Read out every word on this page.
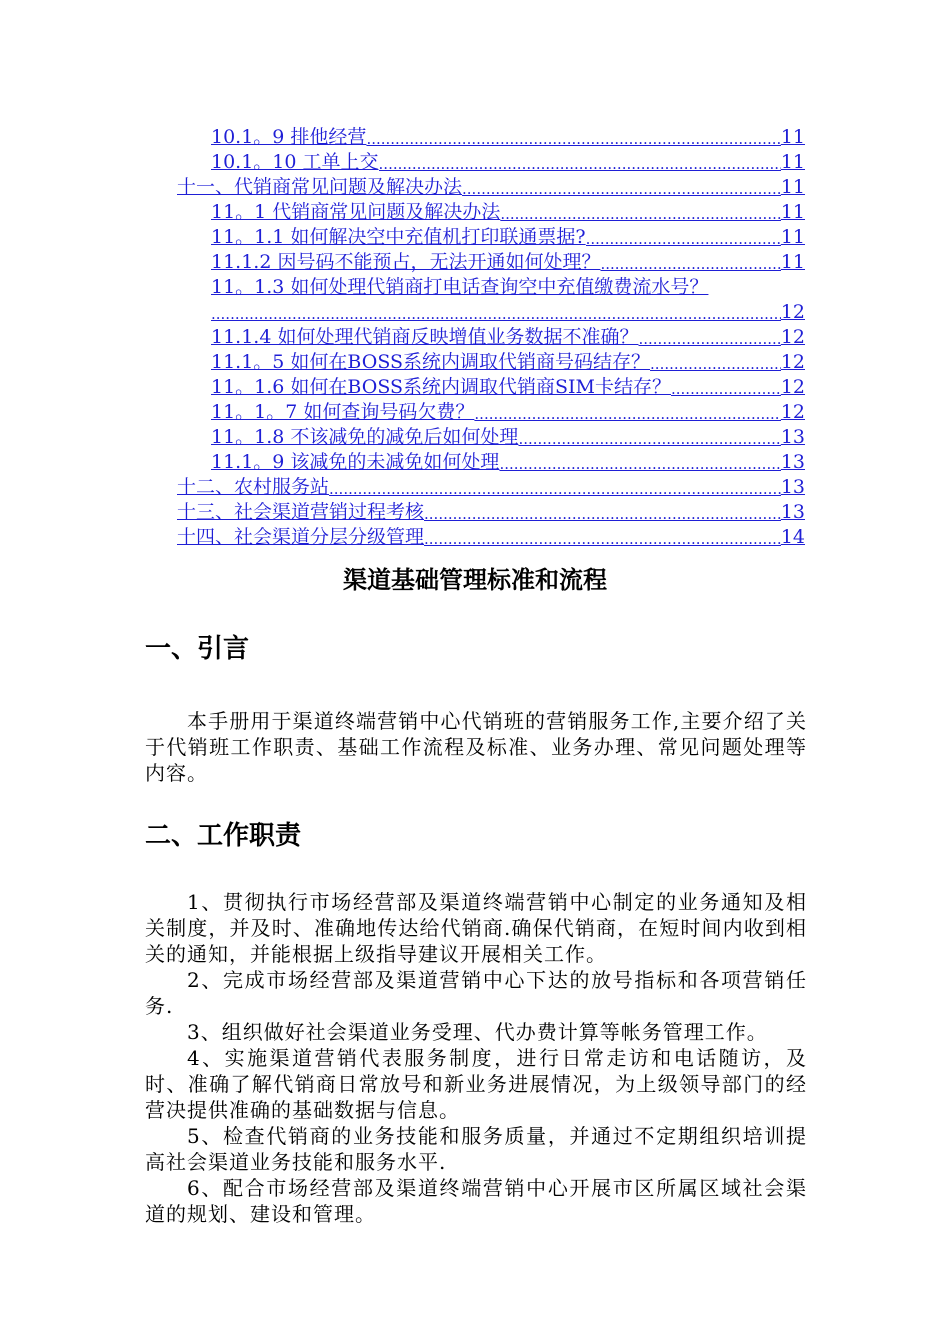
10.1。9 排他经营 .....	11
10.1。10 工单上交 .....	11
十一、代销商常见问题及解决办法 .....	11
11。1 代销商常见问题及解决办法 .....	11
11。1.1 如何解决空中充值机打印联通票据? .....	11
11.1.2 因号码不能预占，无法开通如何处理？ .....	11
11。1.3 如何处理代销商打电话查询空中充值缴费流水号？
.....
12
11.1.4 如何处理代销商反映增值业务数据不准确？ .....	12
11.1。5 如何在BOSS系统内调取代销商号码结存？ .....	12
11。1.6 如何在BOSS系统内调取代销商SIM卡结存？ .....	12
11。1。7 如何查询号码欠费？ .....	12
11。1.8 不该减免的减免后如何处理 .....	13
11.1。9 该减免的未减免如何处理 .....	13
十二、农村服务站 .....	13
十三、社会渠道营销过程考核 .....	13
十四、社会渠道分层分级管理 .....	14
渠道基础管理标准和流程
一、引言
本手册用于渠道终端营销中心代销班的营销服务工作,主要介绍了关于代销班工作职责、基础工作流程及标准、业务办理、常见问题处理等内容。
二、工作职责
1、贯彻执行市场经营部及渠道终端营销中心制定的业务通知及相关制度，并及时、准确地传达给代销商.确保代销商，在短时间内收到相关的通知，并能根据上级指导建议开展相关工作。
2、完成市场经营部及渠道营销中心下达的放号指标和各项营销任务.
3、组织做好社会渠道业务受理、代办费计算等帐务管理工作。
4、实施渠道营销代表服务制度，进行日常走访和电话随访，及时、准确了解代销商日常放号和新业务进展情况，为上级领导部门的经营决提供准确的基础数据与信息。
5、检查代销商的业务技能和服务质量，并通过不定期组织培训提高社会渠道业务技能和服务水平.
6、配合市场经营部及渠道终端营销中心开展市区所属区域社会渠道的规划、建设和管理。
